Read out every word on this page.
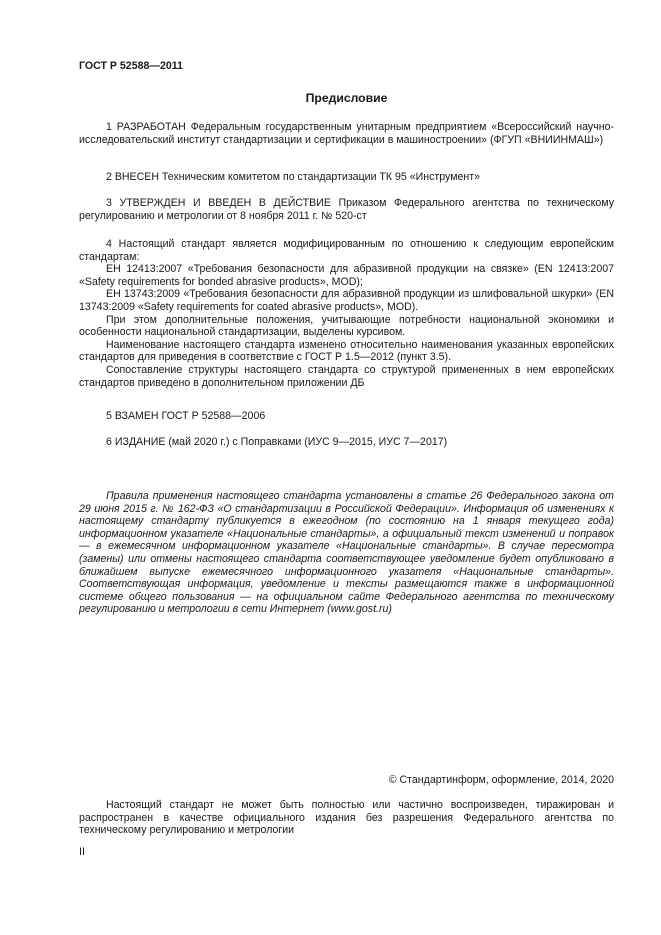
ГОСТ Р 52588—2011
Предисловие

1 РАЗРАБОТАН Федеральным государственным унитарным предприятием «Всероссийский научно-исследовательский институт стандартизации и сертификации в машиностроении» (ФГУП «ВНИИНМАШ»)

2 ВНЕСЕН Техническим комитетом по стандартизации ТК 95 «Инструмент»

3 УТВЕРЖДЕН И ВВЕДЕН В ДЕЙСТВИЕ Приказом Федерального агентства по техническому регулированию и метрологии от 8 ноября 2011 г. № 520-ст

4 Настоящий стандарт является модифицированным по отношению к следующим европейским стандартам:

ЕН 12413:2007 «Требования безопасности для абразивной продукции на связке» (EN 12413:2007 «Safety requirements for bonded abrasive products», MOD);

ЕН 13743:2009 «Требования безопасности для абразивной продукции из шлифовальной шкурки» (EN 13743:2009 «Safety requirements for coated abrasive products», MOD).

При этом дополнительные положения, учитывающие потребности национальной экономики и особенности национальной стандартизации, выделены курсивом.

Наименование настоящего стандарта изменено относительно наименования указанных европейских стандартов для приведения в соответствие с ГОСТ Р 1.5—2012 (пункт 3.5).

Сопоставление структуры настоящего стандарта со структурой примененных в нем европейских стандартов приведено в дополнительном приложении ДБ

5 ВЗАМЕН ГОСТ Р 52588—2006

6 ИЗДАНИЕ (май 2020 г.) с Поправками (ИУС 9—2015, ИУС 7—2017)

Правила применения настоящего стандарта установлены в статье 26 Федерального закона от 29 июня 2015 г. № 162-ФЗ «О стандартизации в Российской Федерации». Информация об изменениях к настоящему стандарту публикуется в ежегодном (по состоянию на 1 января текущего года) информационном указателе «Национальные стандарты», а официальный текст изменений и поправок — в ежемесячном информационном указателе «Национальные стандарты». В случае пересмотра (замены) или отмены настоящего стандарта соответствующее уведомление будет опубликовано в ближайшем выпуске ежемесячного информационного указателя «Национальные стандарты». Соответствующая информация, уведомление и тексты размещаются также в информационной системе общего пользования — на официальном сайте Федерального агентства по техническому регулированию и метрологии в сети Интернет (www.gost.ru)

© Стандартинформ, оформление, 2014, 2020

Настоящий стандарт не может быть полностью или частично воспроизведен, тиражирован и распространен в качестве официального издания без разрешения Федерального агентства по техническому регулированию и метрологии

II
